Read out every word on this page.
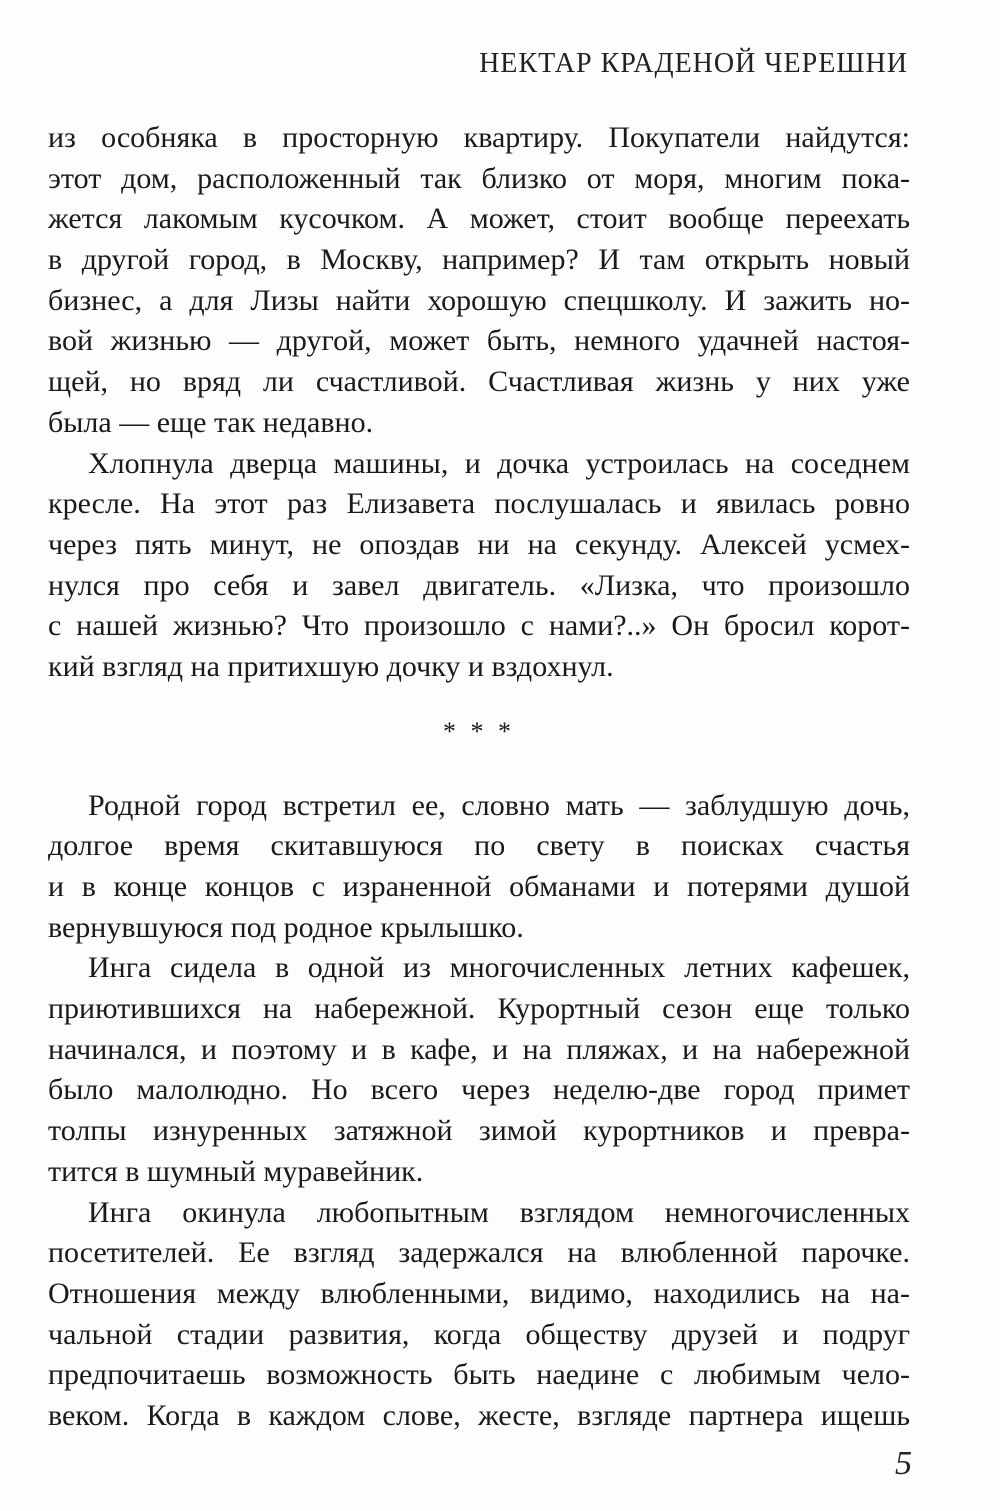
НЕКТАР КРАДЕНОЙ ЧЕРЕШНИ
из особняка в просторную квартиру. Покупатели найдутся:
этот дом, расположенный так близко от моря, многим пока-
жется лакомым кусочком. А может, стоит вообще переехать
в другой город, в Москву, например? И там открыть новый
бизнес, а для Лизы найти хорошую спецшколу. И зажить но-
вой жизнью — другой, может быть, немного удачней настоя-
щей, но вряд ли счастливой. Счастливая жизнь у них уже
была — еще так недавно.
Хлопнула дверца машины, и дочка устроилась на соседнем
кресле. На этот раз Елизавета послушалась и явилась ровно
через пять минут, не опоздав ни на секунду. Алексей усмех-
нулся про себя и завел двигатель. «Лизка, что произошло
с нашей жизнью? Что произошло с нами?..» Он бросил корот-
кий взгляд на притихшую дочку и вздохнул.
* * *
Родной город встретил ее, словно мать — заблудшую дочь,
долгое время скитавшуюся по свету в поисках счастья
и в конце концов с израненной обманами и потерями душой
вернувшуюся под родное крылышко.
Инга сидела в одной из многочисленных летних кафешек,
приютившихся на набережной. Курортный сезон еще только
начинался, и поэтому и в кафе, и на пляжах, и на набережной
было малолюдно. Но всего через неделю-две город примет
толпы изнуренных затяжной зимой курортников и превра-
тится в шумный муравейник.
Инга окинула любопытным взглядом немногочисленных
посетителей. Ее взгляд задержался на влюбленной парочке.
Отношения между влюбленными, видимо, находились на на-
чальной стадии развития, когда обществу друзей и подруг
предпочитаешь возможность быть наедине с любимым чело-
веком. Когда в каждом слове, жесте, взгляде партнера ищешь
5
